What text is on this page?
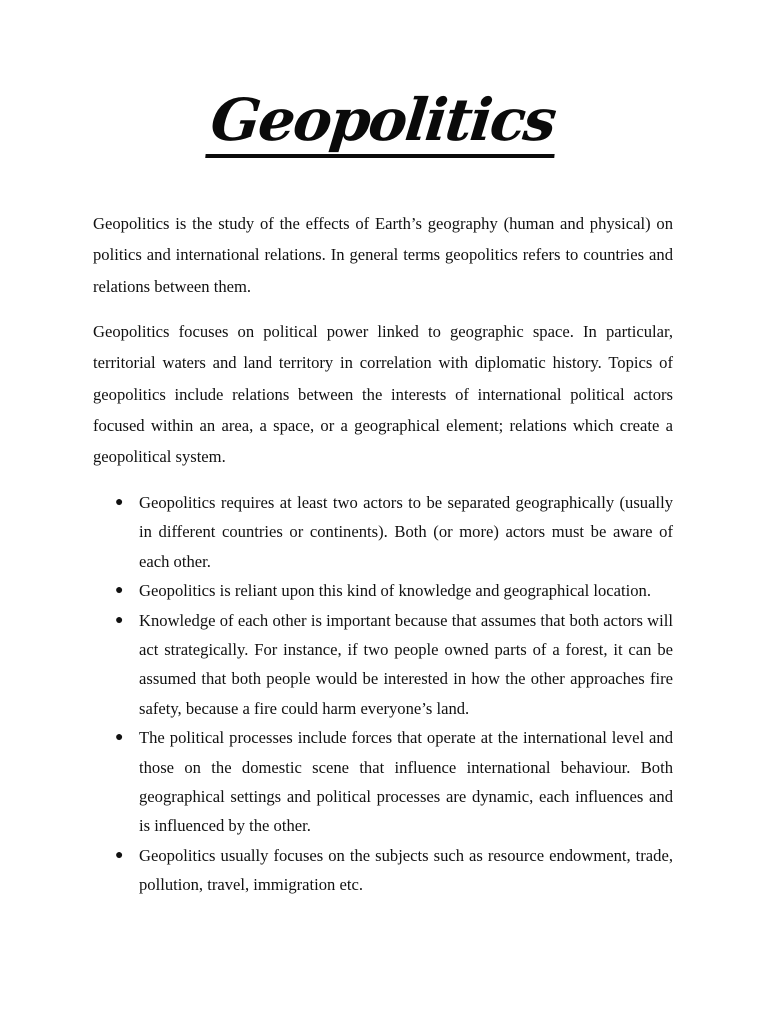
Geopolitics

Geopolitics is the study of the effects of Earth’s geography (human and physical) on politics and international relations. In general terms geopolitics refers to countries and relations between them.

Geopolitics focuses on political power linked to geographic space. In particular, territorial waters and land territory in correlation with diplomatic history. Topics of geopolitics include relations between the interests of international political actors focused within an area, a space, or a geographical element; relations which create a geopolitical system.

● Geopolitics requires at least two actors to be separated geographically (usually in different countries or continents). Both (or more) actors must be aware of each other.
● Geopolitics is reliant upon this kind of knowledge and geographical location.
● Knowledge of each other is important because that assumes that both actors will act strategically. For instance, if two people owned parts of a forest, it can be assumed that both people would be interested in how the other approaches fire safety, because a fire could harm everyone’s land.
● The political processes include forces that operate at the international level and those on the domestic scene that influence international behaviour. Both geographical settings and political processes are dynamic, each influences and is influenced by the other.
● Geopolitics usually focuses on the subjects such as resource endowment, trade, pollution, travel, immigration etc.
